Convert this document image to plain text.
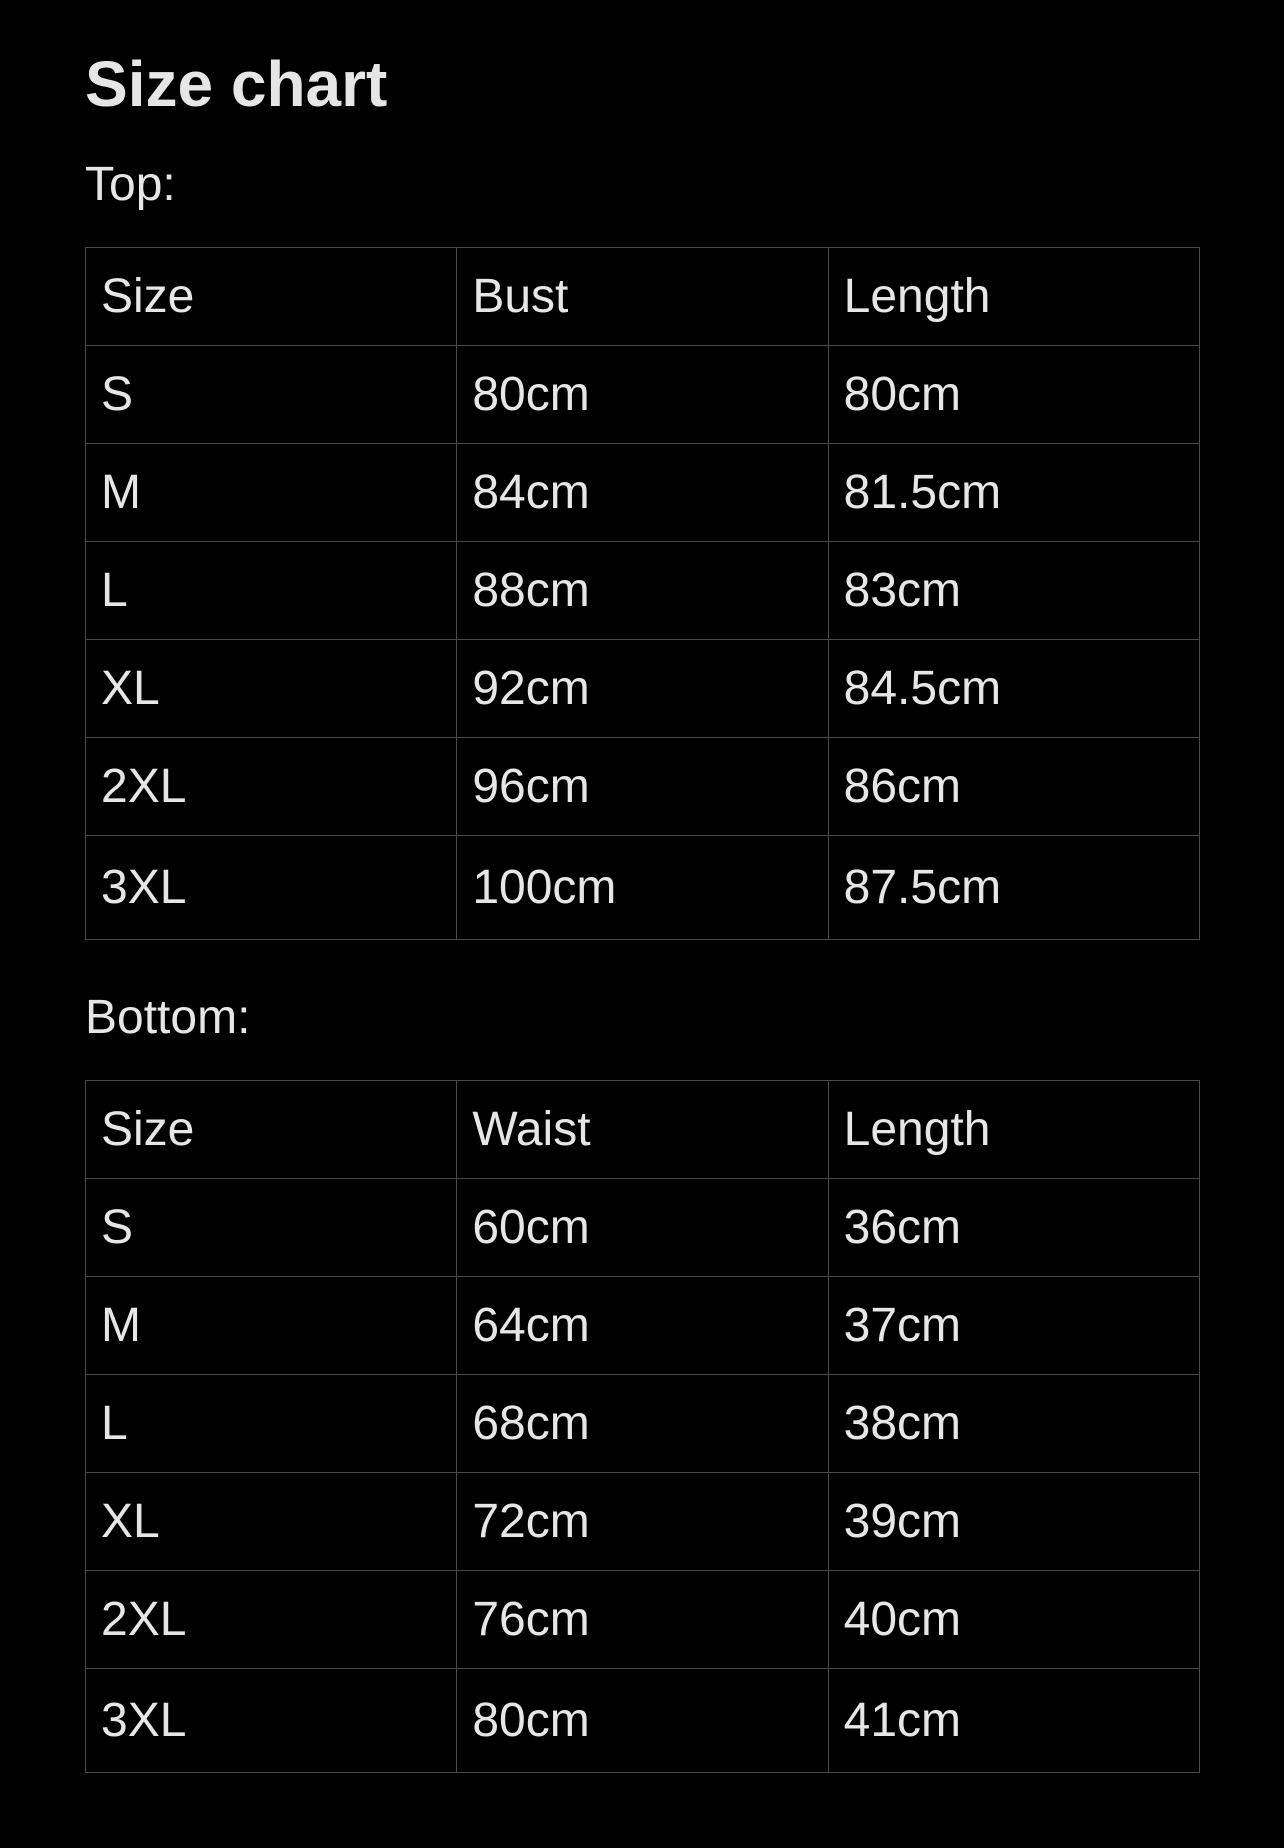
Size chart
Top:
Size	Bust	Length
S	80cm	80cm
M	84cm	81.5cm
L	88cm	83cm
XL	92cm	84.5cm
2XL	96cm	86cm
3XL	100cm	87.5cm
Bottom:
Size	Waist	Length
S	60cm	36cm
M	64cm	37cm
L	68cm	38cm
XL	72cm	39cm
2XL	76cm	40cm
3XL	80cm	41cm
